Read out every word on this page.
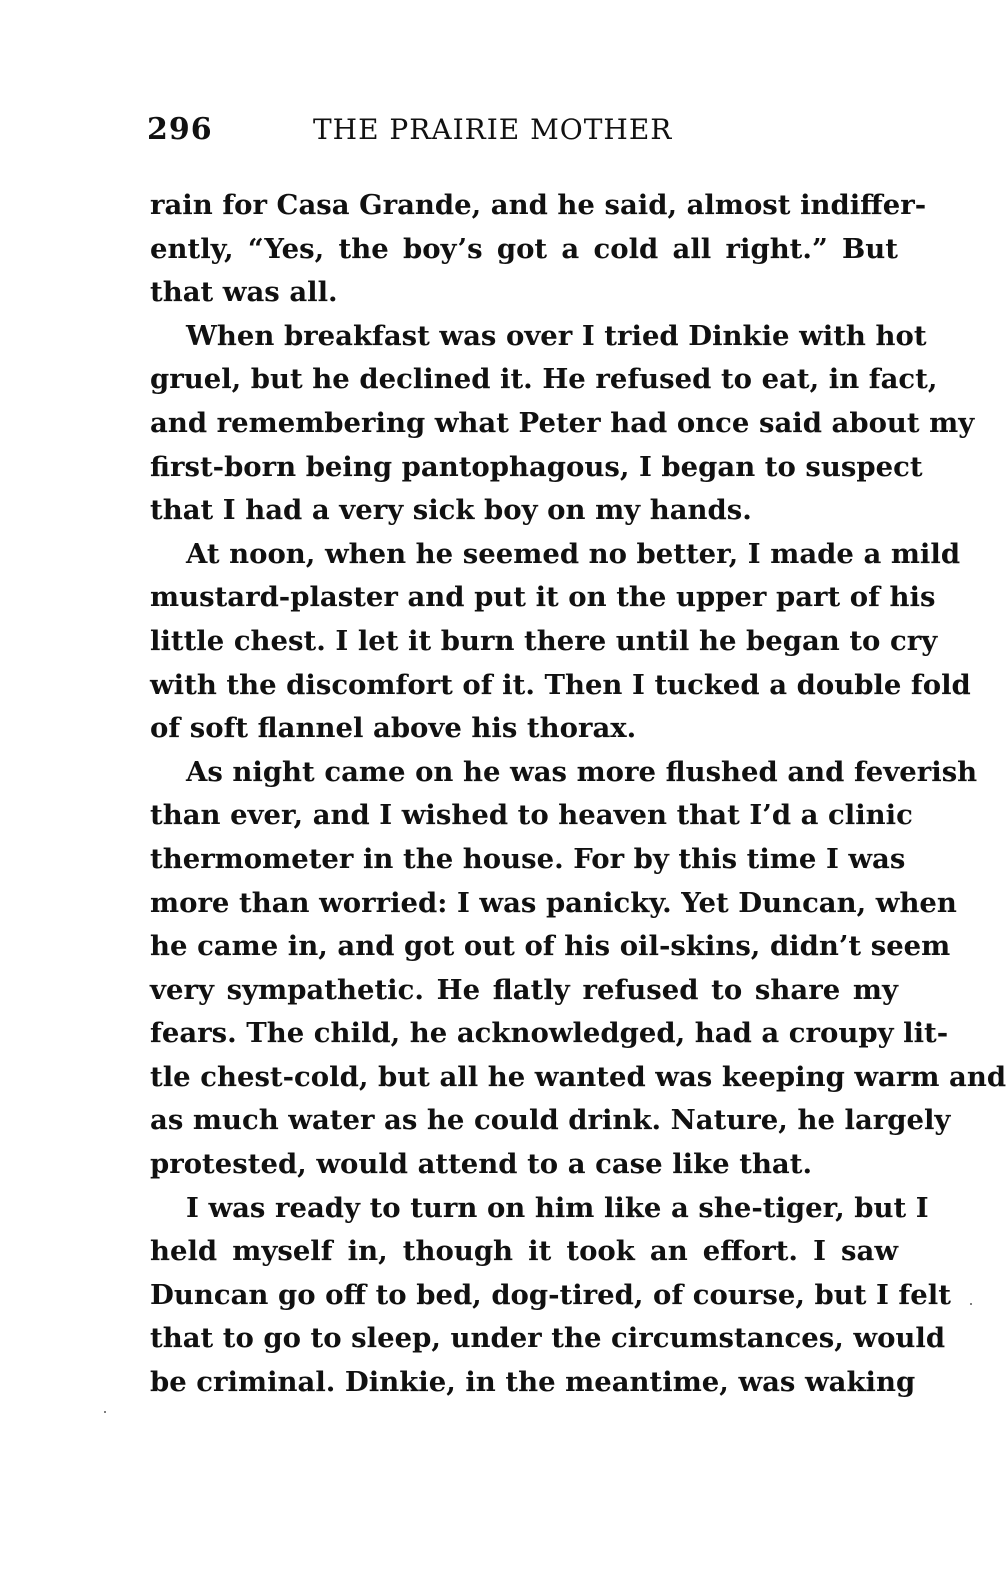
296	THE PRAIRIE MOTHER
rain for Casa Grande, and he said, almost indiffer-
ently, “Yes, the boy’s got a cold all right.” But
that was all.
When breakfast was over I tried Dinkie with hot
gruel, but he declined it. He refused to eat, in fact,
and remembering what Peter had once said about my
first-born being pantophagous, I began to suspect
that I had a very sick boy on my hands.
At noon, when he seemed no better, I made a mild
mustard-plaster and put it on the upper part of his
little chest. I let it burn there until he began to cry
with the discomfort of it. Then I tucked a double fold
of soft flannel above his thorax.
As night came on he was more flushed and feverish
than ever, and I wished to heaven that I’d a clinic
thermometer in the house. For by this time I was
more than worried: I was panicky. Yet Duncan, when
he came in, and got out of his oil-skins, didn’t seem
very sympathetic. He flatly refused to share my
fears. The child, he acknowledged, had a croupy lit-
tle chest-cold, but all he wanted was keeping warm and
as much water as he could drink. Nature, he largely
protested, would attend to a case like that.
I was ready to turn on him like a she-tiger, but I
held myself in, though it took an effort. I saw
Duncan go off to bed, dog-tired, of course, but I felt
that to go to sleep, under the circumstances, would
be criminal. Dinkie, in the meantime, was waking
